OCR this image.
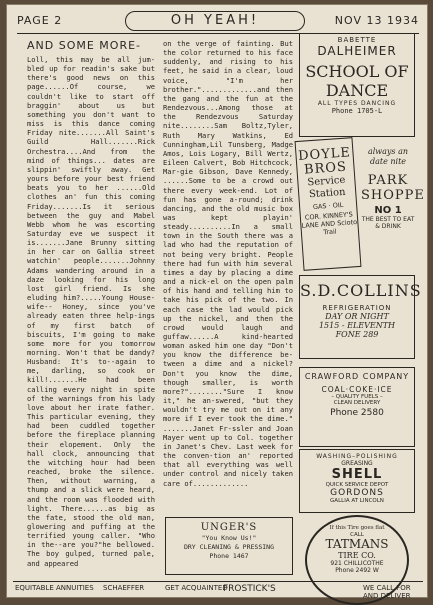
PAGE 2	OH YEAH!	NOV 13 1934
AND SOME MORE-
Loll, this may be all jum-bled up for readin's sake but there's good news on this page......Of course, we couldn't like to start off braggin' about us but something you don't want to miss is this dance coming Friday nite.......All Saint's Guild Hall.......Rick Orchestra....And from the mind of things... dates are slippin' swiftly away. Get yours before your best friend beats you to her ......Old clothes an' fun this coming Friday.......Is it serious between the guy and Mabel Webb whom he was escorting Saturday eve we suspect it is.......Jane Brunny sitting in her car on Gallia street watchin' people.......Johnny Adams wandering around in a daze looking for his long lost girl friend. Is she eluding him?.....Young House-wife-- Honey, since you've already eaten three help-ings of my first batch of biscuits, I'm going to make some more for you tomorrow morning. Won't that be dandy?Husband: It's to--again to me, darling, so cook or kill!.......He had been calling every night in spite of the warnings from his lady love about her irate father. This particular evening, they had been cuddled together before the fireplace planning their elopement. Only the hall clock, announcing that the witching hour had been reached, broke the silence. Then, without warning, a thump and a slick were heard, and the room was flooded with light. There......as big as the fate, stood the old man, glowering and puffing at the terrified young caller. "Who in the--are you?"he bellowed. The boy gulped, turned pale, and appeared
on the verge of fainting. But the color returned to his face suddenly, and rising to his feet, he said in a clear, loud voice, "I'm her brother.".............and then the gang and the fun at the Rendezvous...Among those at the Rendezvous Saturday nite........Sam Boltz,Tyler, Ruth Mary Watkins, Ed Cunningham,Lil Tunsberg, Madge Amos, Lois Logary, Bill Wertz, Eileen Calvert, Bob Hitchcock, Mar-gie Gibson, Dave Kennedy, ......Some to be a crowd out there every week-end. Lot of fun has gone a-round; drink dancing, and the old music box was kept playin' steady..........In a small town in the South there was a lad who had the reputation of not being very bright. People there had fun with him several times a day by placing a dime and a nick-el on the open palm of his hand and telling him to take his pick of the two. In each case the lad would pick up the nickel, and then the crowd would laugh and guffaw......A kind-hearted woman asked him one day "Don't you know the difference be-tween a dime and a nickel? Don't you know the dime, though smaller, is worth more?"........"Sure I know it," he an-swered, "but they wouldn't try me out on it any more if I ever took the dime." .......Janet Fr-ssler and Joan Mayer went up to Col. together in Janet's Chev. Last week for the conven-tion an' reported that all everything was well under control and nicely taken care of.............
UNGER'S
"You Know Us!"
DRY CLEANING & PRESSING
Phone 1467
BABETTE
DALHEIMER
SCHOOL OF DANCE
ALL TYPES DANCING
Phone 1705-L
DOYLE BROS
Service Station
GAS · OIL
COR. KINNEY'S LANE AND Scioto Trail
always an date nite
PARK SHOPPE
NO 1
THE BEST TO EAT & DRINK
S.D.COLLINS
REFRIGERATION
DAY OR NIGHT
1515 - ELEVENTH
FONE 289
CRAWFORD COMPANY
COAL·COKE·ICE
– QUALITY FUELS –
CLEAN DELIVERY
Phone 2580
WASHING–POLISHING
GREASING
SHELL
QUICK SERVICE DEPOT
GORDONS
GALLIA AT LINCOLN
If this Tire goes flat
CALL
TATMANS
TIRE CO.
921 CHILLICOTHE
Phone 2492 W
EQUITABLE ANNUITIES SCHAEFFER	GET ACQUAINTED
FROSTICK'S	WE CALL FOR AND DELIVER
